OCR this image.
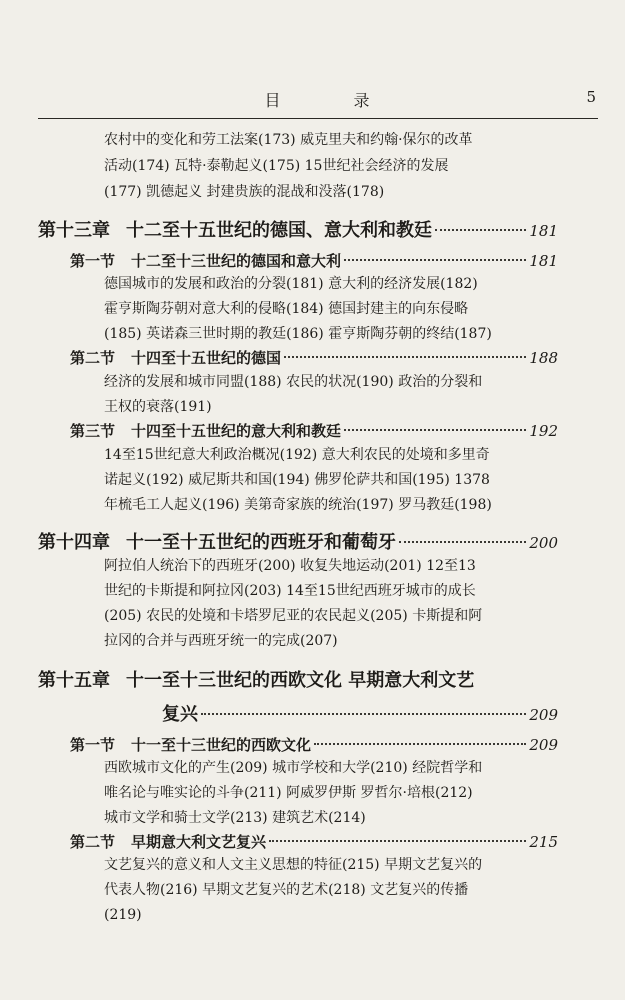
目 录	5
农村中的变化和劳工法案(173) 威克里夫和约翰·保尔的改革
活动(174) 瓦特·泰勒起义(175) 15世纪社会经济的发展
(177) 凯德起义 封建贵族的混战和没落(178)
第十三章 十二至十五世纪的德国、意大利和教廷	181
第一节 十二至十三世纪的德国和意大利	181
德国城市的发展和政治的分裂(181) 意大利的经济发展(182)
霍亨斯陶芬朝对意大利的侵略(184) 德国封建主的向东侵略
(185) 英诺森三世时期的教廷(186) 霍亨斯陶芬朝的终结(187)
第二节 十四至十五世纪的德国	188
经济的发展和城市同盟(188) 农民的状况(190) 政治的分裂和
王权的衰落(191)
第三节 十四至十五世纪的意大利和教廷	192
14至15世纪意大利政治概况(192) 意大利农民的处境和多里奇
诺起义(192) 威尼斯共和国(194) 佛罗伦萨共和国(195) 1378
年梳毛工人起义(196) 美第奇家族的统治(197) 罗马教廷(198)
第十四章 十一至十五世纪的西班牙和葡萄牙	200
阿拉伯人统治下的西班牙(200) 收复失地运动(201) 12至13
世纪的卡斯提和阿拉冈(203) 14至15世纪西班牙城市的成长
(205) 农民的处境和卡塔罗尼亚的农民起义(205) 卡斯提和阿
拉冈的合并与西班牙统一的完成(207)
第十五章 十一至十三世纪的西欧文化 早期意大利文艺
复兴	209
第一节 十一至十三世纪的西欧文化	209
西欧城市文化的产生(209) 城市学校和大学(210) 经院哲学和
唯名论与唯实论的斗争(211) 阿威罗伊斯 罗哲尔·培根(212)
城市文学和骑士文学(213) 建筑艺术(214)
第二节 早期意大利文艺复兴	215
文艺复兴的意义和人文主义思想的特征(215) 早期文艺复兴的
代表人物(216) 早期文艺复兴的艺术(218) 文艺复兴的传播
(219)
